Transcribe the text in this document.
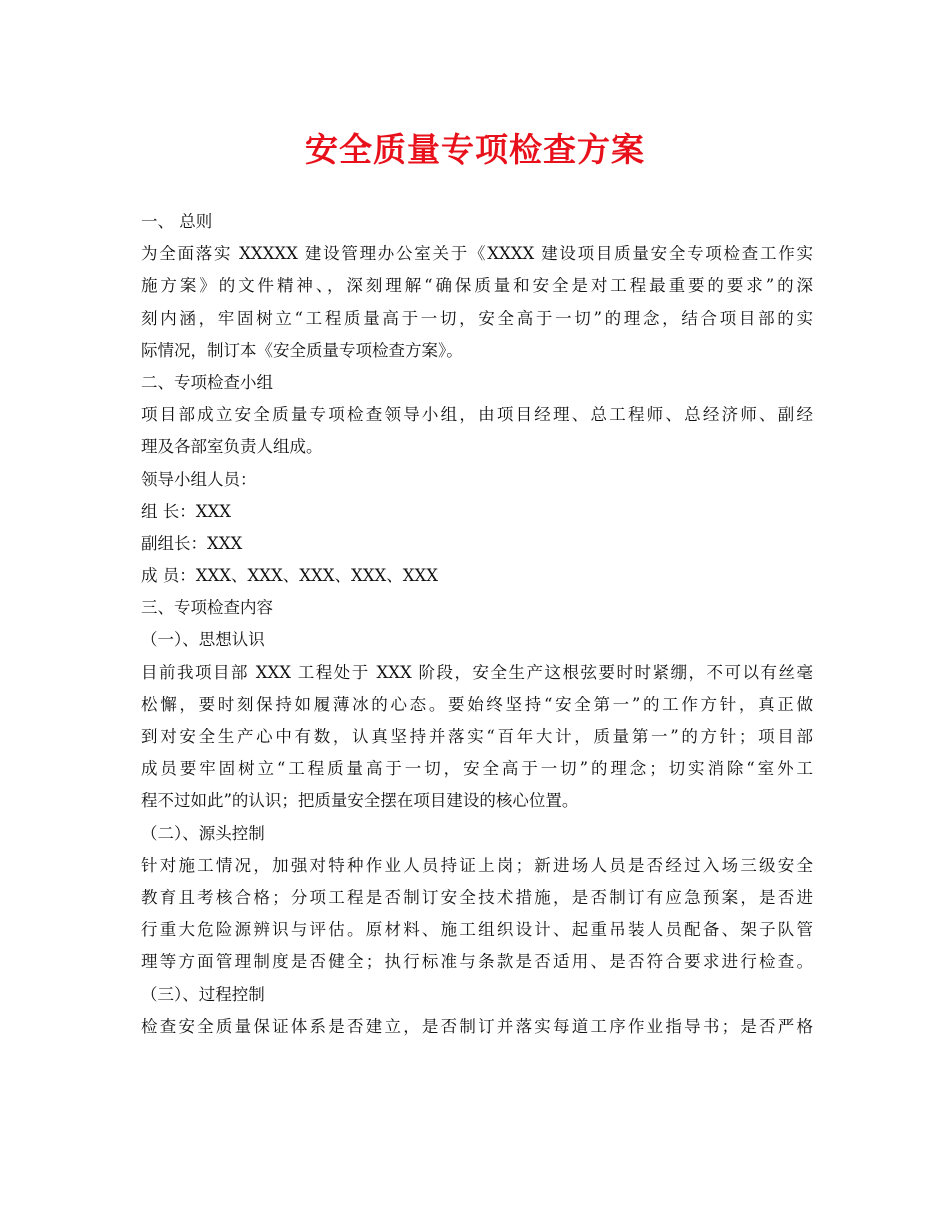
安全质量专项检查方案
一、 总则
为全面落实 XXXXX 建设管理办公室关于《XXXX 建设项目质量安全专项检查工作实
施方案》的文件精神、，深刻理解“确保质量和安全是对工程最重要的要求”的深
刻内涵，牢固树立“工程质量高于一切，安全高于一切”的理念，结合项目部的实
际情况，制订本《安全质量专项检查方案》。
二、专项检查小组
项目部成立安全质量专项检查领导小组，由项目经理、总工程师、总经济师、副经
理及各部室负责人组成。
领导小组人员：
组 长：XXX
副组长：XXX
成 员：XXX、XXX、XXX、XXX、XXX
三、专项检查内容
（一）、思想认识
目前我项目部 XXX 工程处于 XXX 阶段，安全生产这根弦要时时紧绷，不可以有丝毫
松懈，要时刻保持如履薄冰的心态。要始终坚持“安全第一”的工作方针，真正做
到对安全生产心中有数，认真坚持并落实“百年大计，质量第一”的方针；项目部
成员要牢固树立“工程质量高于一切，安全高于一切”的理念；切实消除“室外工
程不过如此”的认识；把质量安全摆在项目建设的核心位置。
（二）、源头控制
针对施工情况，加强对特种作业人员持证上岗；新进场人员是否经过入场三级安全
教育且考核合格；分项工程是否制订安全技术措施，是否制订有应急预案，是否进
行重大危险源辨识与评估。原材料、施工组织设计、起重吊装人员配备、架子队管
理等方面管理制度是否健全；执行标准与条款是否适用、是否符合要求进行检查。
（三）、过程控制
检查安全质量保证体系是否建立，是否制订并落实每道工序作业指导书；是否严格
